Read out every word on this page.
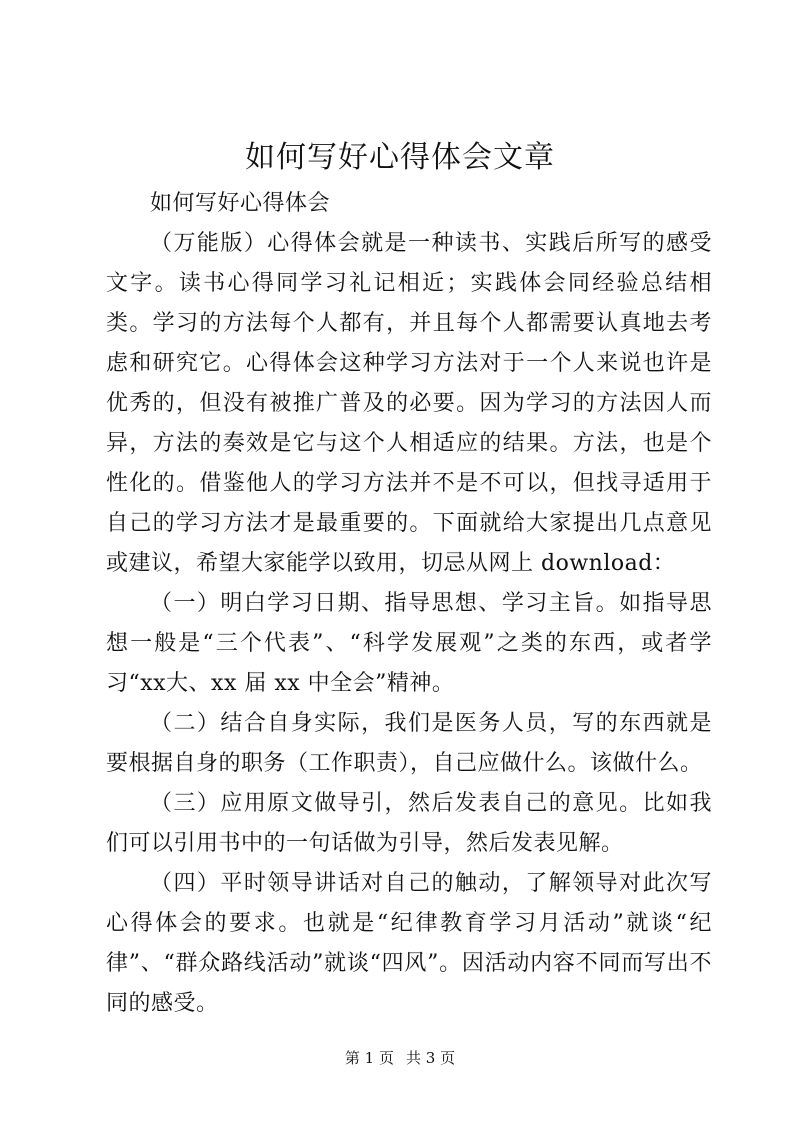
如何写好心得体会文章

如何写好心得体会

（万能版）心得体会就是一种读书、实践后所写的感受文字。读书心得同学习礼记相近；实践体会同经验总结相类。学习的方法每个人都有，并且每个人都需要认真地去考虑和研究它。心得体会这种学习方法对于一个人来说也许是优秀的，但没有被推广普及的必要。因为学习的方法因人而异，方法的奏效是它与这个人相适应的结果。方法，也是个性化的。借鉴他人的学习方法并不是不可以，但找寻适用于自己的学习方法才是最重要的。下面就给大家提出几点意见或建议，希望大家能学以致用，切忌从网上 download：

（一）明白学习日期、指导思想、学习主旨。如指导思想一般是“三个代表”、“科学发展观”之类的东西，或者学习“xx大、xx 届 xx 中全会”精神。

（二）结合自身实际，我们是医务人员，写的东西就是要根据自身的职务（工作职责），自己应做什么。该做什么。

（三）应用原文做导引，然后发表自己的意见。比如我们可以引用书中的一句话做为引导，然后发表见解。

（四）平时领导讲话对自己的触动，了解领导对此次写心得体会的要求。也就是“纪律教育学习月活动”就谈“纪律”、“群众路线活动”就谈“四风”。因活动内容不同而写出不同的感受。

第 1 页 共 3 页
